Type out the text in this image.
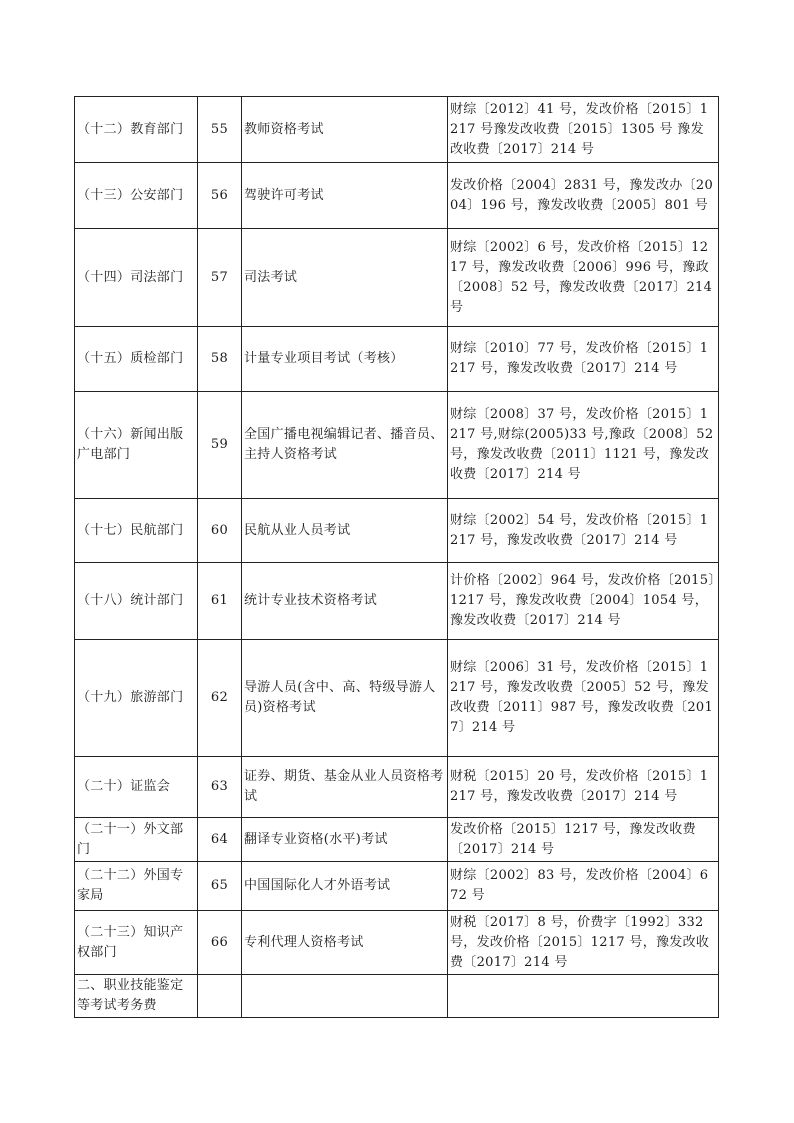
（十二）教育部门	55	教师资格考试	财综〔2012〕41 号，发改价格〔2015〕1217 号豫发改收费〔2015〕1305 号 豫发改收费〔2017〕214 号
（十三）公安部门	56	驾驶许可考试	发改价格〔2004〕2831 号，豫发改办〔2004〕196 号，豫发改收费〔2005〕801 号
（十四）司法部门	57	司法考试	财综〔2002〕6 号，发改价格〔2015〕1217 号，豫发改收费〔2006〕996 号，豫政〔2008〕52 号，豫发改收费〔2017〕214 号
（十五）质检部门	58	计量专业项目考试（考核）	财综〔2010〕77 号，发改价格〔2015〕1217 号，豫发改收费〔2017〕214 号
（十六）新闻出版广电部门	59	全国广播电视编辑记者、播音员、主持人资格考试	财综〔2008〕37 号，发改价格〔2015〕1217 号,财综(2005)33 号,豫政〔2008〕52 号，豫发改收费〔2011〕1121 号，豫发改收费〔2017〕214 号
（十七）民航部门	60	民航从业人员考试	财综〔2002〕54 号，发改价格〔2015〕1217 号，豫发改收费〔2017〕214 号
（十八）统计部门	61	统计专业技术资格考试	计价格〔2002〕964 号，发改价格〔2015〕1217 号，豫发改收费〔2004〕1054 号，豫发改收费〔2017〕214 号
（十九）旅游部门	62	导游人员(含中、高、特级导游人员)资格考试	财综〔2006〕31 号，发改价格〔2015〕1217 号，豫发改收费〔2005〕52 号，豫发改收费〔2011〕987 号，豫发改收费〔2017〕214 号
（二十）证监会	63	证券、期货、基金从业人员资格考试	财税〔2015〕20 号，发改价格〔2015〕1217 号，豫发改收费〔2017〕214 号
（二十一）外文部门	64	翻译专业资格(水平)考试	发改价格〔2015〕1217 号，豫发改收费〔2017〕214 号
（二十二）外国专家局	65	中国国际化人才外语考试	财综〔2002〕83 号，发改价格〔2004〕672 号
（二十三）知识产权部门	66	专利代理人资格考试	财税〔2017〕8 号，价费字〔1992〕332 号，发改价格〔2015〕1217 号，豫发改收费〔2017〕214 号
二、职业技能鉴定等考试考务费			
